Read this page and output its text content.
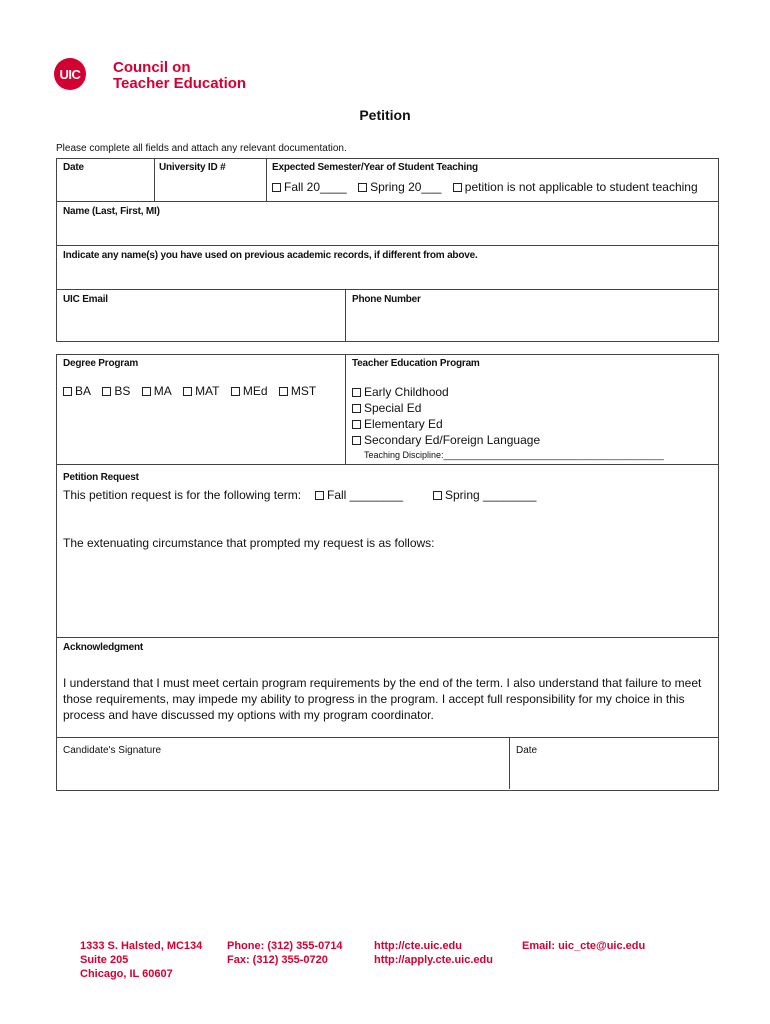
UIC Council on
Teacher Education
Petition
Please complete all fields and attach any relevant documentation.
Date	University ID #	Expected Semester/Year of Student Teaching
Fall 20____ Spring 20___ petition is not applicable to student teaching
Name (Last, First, MI)
Indicate any name(s) you have used on previous academic records, if different from above.
UIC Email	Phone Number
Degree Program
BA BS MA MAT MEd MST
Teacher Education Program
Early Childhood
Special Ed
Elementary Ed
Secondary Ed/Foreign Language
Teaching Discipline:____________________________________________
Petition Request
This petition request is for the following term:	Fall ________	Spring ________
The extenuating circumstance that prompted my request is as follows:
Acknowledgment
I understand that I must meet certain program requirements by the end of the term. I also understand that failure to meet those requirements, may impede my ability to progress in the program. I accept full responsibility for my choice in this process and have discussed my options with my program coordinator.
Candidate's Signature	Date
1333 S. Halsted, MC134
Suite 205
Chicago, IL 60607
Phone: (312) 355-0714
Fax: (312) 355-0720
http://cte.uic.edu
http://apply.cte.uic.edu
Email: uic_cte@uic.edu
